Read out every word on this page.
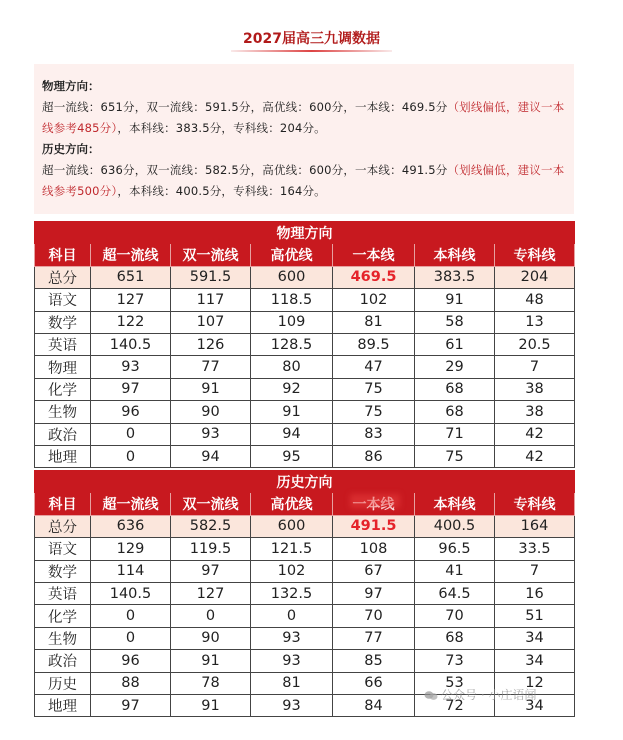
2027届高三九调数据
物理方向：
超一流线：651分，双一流线：591.5分，高优线：600分，一本线：469.5分（划线偏低，建议一本线参考485分），本科线：383.5分，专科线：204分。
历史方向：
超一流线：636分，双一流线：582.5分，高优线：600分，一本线：491.5分（划线偏低，建议一本线参考500分），本科线：400.5分，专科线：164分。
物理方向						
科目	超一流线	双一流线	高优线	一本线	本科线	专科线
总分	651	591.5	600	469.5	383.5	204
语文	127	117	118.5	102	91	48
数学	122	107	109	81	58	13
英语	140.5	126	128.5	89.5	61	20.5
物理	93	77	80	47	29	7
化学	97	91	92	75	68	38
生物	96	90	91	75	68	38
政治	0	93	94	83	71	42
地理	0	94	95	86	75	42
历史方向						
科目	超一流线	双一流线	高优线		本科线	专科线
总分	636	582.5	600	491.5	400.5	164
语文	129	119.5	121.5	108	96.5	33.5
数学	114	97	102	67	41	7
英语	140.5	127	132.5	97	64.5	16
化学	0	0	0	70	70	51
生物	0	90	93	77	68	34
政治	96	91	93	85	73	34
历史	88	78	81	66	53	12
地理	97	91	93	84	72	34
公众号 · 小庄语闻
